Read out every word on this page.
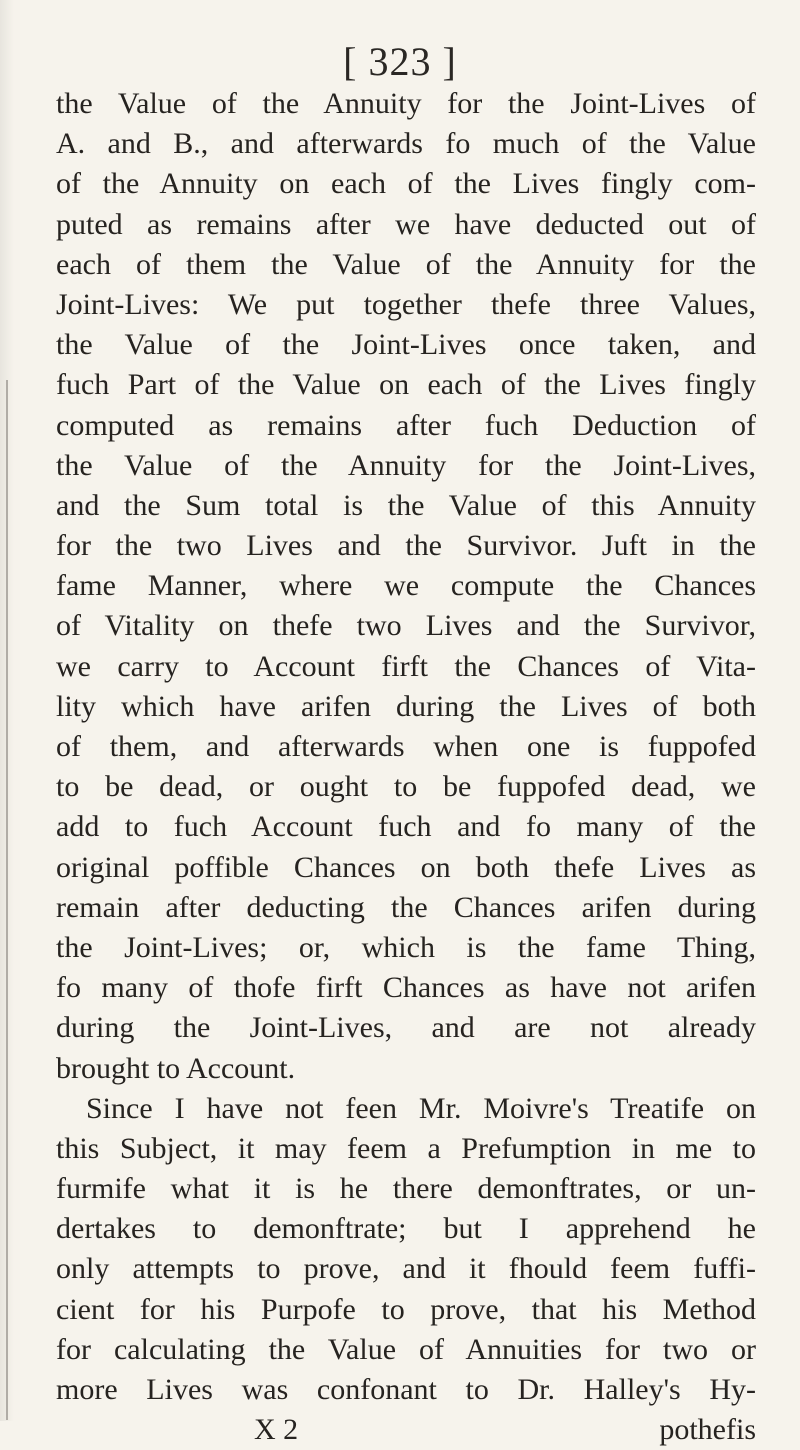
[ 323 ]
the Value of the Annuity for the Joint-Lives of
A. and B., and afterwards fo much of the Value
of the Annuity on each of the Lives fingly com-
puted as remains after we have deducted out of
each of them the Value of the Annuity for the
Joint-Lives: We put together thefe three Values,
the Value of the Joint-Lives once taken, and
fuch Part of the Value on each of the Lives fingly
computed as remains after fuch Deduction of
the Value of the Annuity for the Joint-Lives,
and the Sum total is the Value of this Annuity
for the two Lives and the Survivor. Juft in the
fame Manner, where we compute the Chances
of Vitality on thefe two Lives and the Survivor,
we carry to Account firft the Chances of Vita-
lity which have arifen during the Lives of both
of them, and afterwards when one is fuppofed
to be dead, or ought to be fuppofed dead, we
add to fuch Account fuch and fo many of the
original poffible Chances on both thefe Lives as
remain after deducting the Chances arifen during
the Joint-Lives; or, which is the fame Thing,
fo many of thofe firft Chances as have not arifen
during the Joint-Lives, and are not already
brought to Account.
Since I have not feen Mr. Moivre's Treatife on
this Subject, it may feem a Prefumption in me to
furmife what it is he there demonftrates, or un-
dertakes to demonftrate; but I apprehend he
only attempts to prove, and it fhould feem fuffi-
cient for his Purpofe to prove, that his Method
for calculating the Value of Annuities for two or
more Lives was confonant to Dr. Halley's Hy-
X 2	pothefis
